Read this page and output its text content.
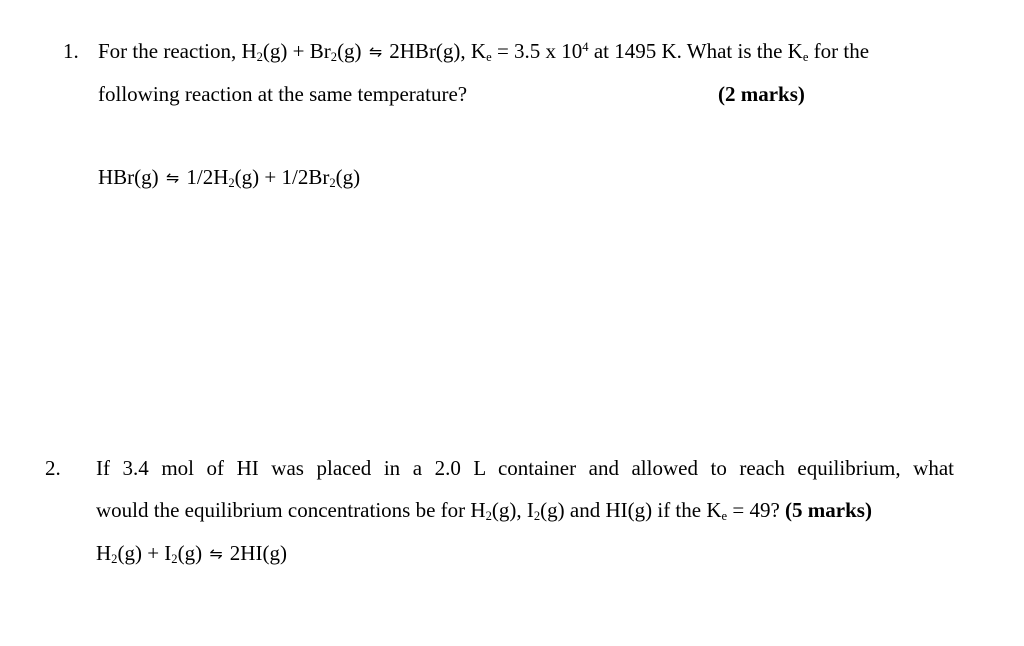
1. For the reaction, $H_2(g) + Br_2(g)$ ⇋ 2HBr(g), $K_e = 3.5$ x $10^4$ at 1495 K. What is the $K_e$ for the
following reaction at the same temperature?	(2 marks)
HBr(g) ⇋ $1/2H_2(g) + 1/2Br_2(g)$
2. If 3.4 mol of HI was placed in a 2.0 L container and allowed to reach equilibrium, what
would the equilibrium concentrations be for $H_2(g)$, $I_2(g)$ and HI(g) if the $K_e = 49$? (5 marks)
$H_2(g) + I_2(g)$ ⇋ 2HI(g)
